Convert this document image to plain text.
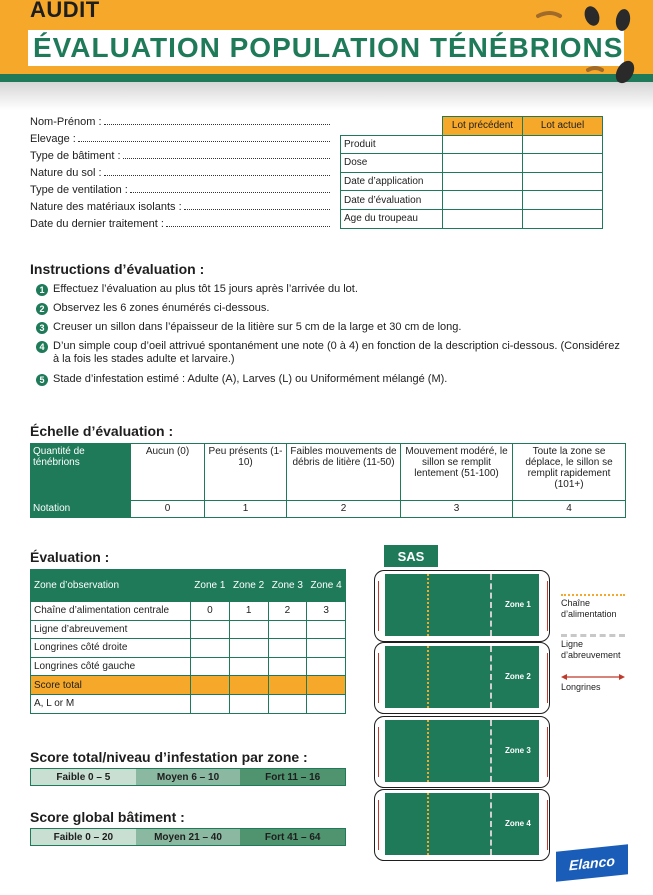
AUDIT
ÉVALUATION POPULATION TÉNÉBRIONS
Nom-Prénom :
Elevage :
Type de bâtiment :
Nature du sol :
Type de ventilation :
Nature des matériaux isolants :
Date du dernier traitement :
	Lot précédent	Lot actuel
Produit		
Dose		
Date d’application		
Date d’évaluation		
Age du troupeau		
Instructions d’évaluation :
1 Effectuez l’évaluation au plus tôt 15 jours après l’arrivée du lot.
2 Observez les 6 zones énumérés ci-dessous.
3 Creuser un sillon dans l’épaisseur de la litière sur 5 cm de la large et 30 cm de long.
4 D’un simple coup d’oeil attrivué spontanément une note (0 à 4) en fonction de la description ci-dessous. (Considérez à la fois les stades adulte et larvaire.)
5 Stade d’infestation estimé : Adulte (A), Larves (L) ou Uniformément mélangé (M).
Échelle d’évaluation :
Quantité de ténébrions	Aucun (0)	Peu présents (1-10)	Faibles mouvements de débris de litière (11-50)	Mouvement modéré, le sillon se remplit lentement (51-100)	Toute la zone se déplace, le sillon se remplit rapidement (101+)
Notation	0	1	2	3	4
Évaluation :
Zone d’observation	Zone 1	Zone 2	Zone 3	Zone 4
Chaîne d’alimentation centrale	0	1	2	3
Ligne d’abreuvement				
Longrines côté droite				
Longrines côté gauche				
Score total				
A, L or M				
Score total/niveau d’infestation par zone :
Faible 0 – 5	Moyen 6 – 10	Fort 11 – 16
Score global bâtiment :
Faible 0 – 20	Moyen 21 – 40	Fort 41 – 64
SAS
Zone 1
Zone 2
Zone 3
Zone 4
Chaîne d’alimentation
Ligne d’abreuvement
Longrines
Elanco
